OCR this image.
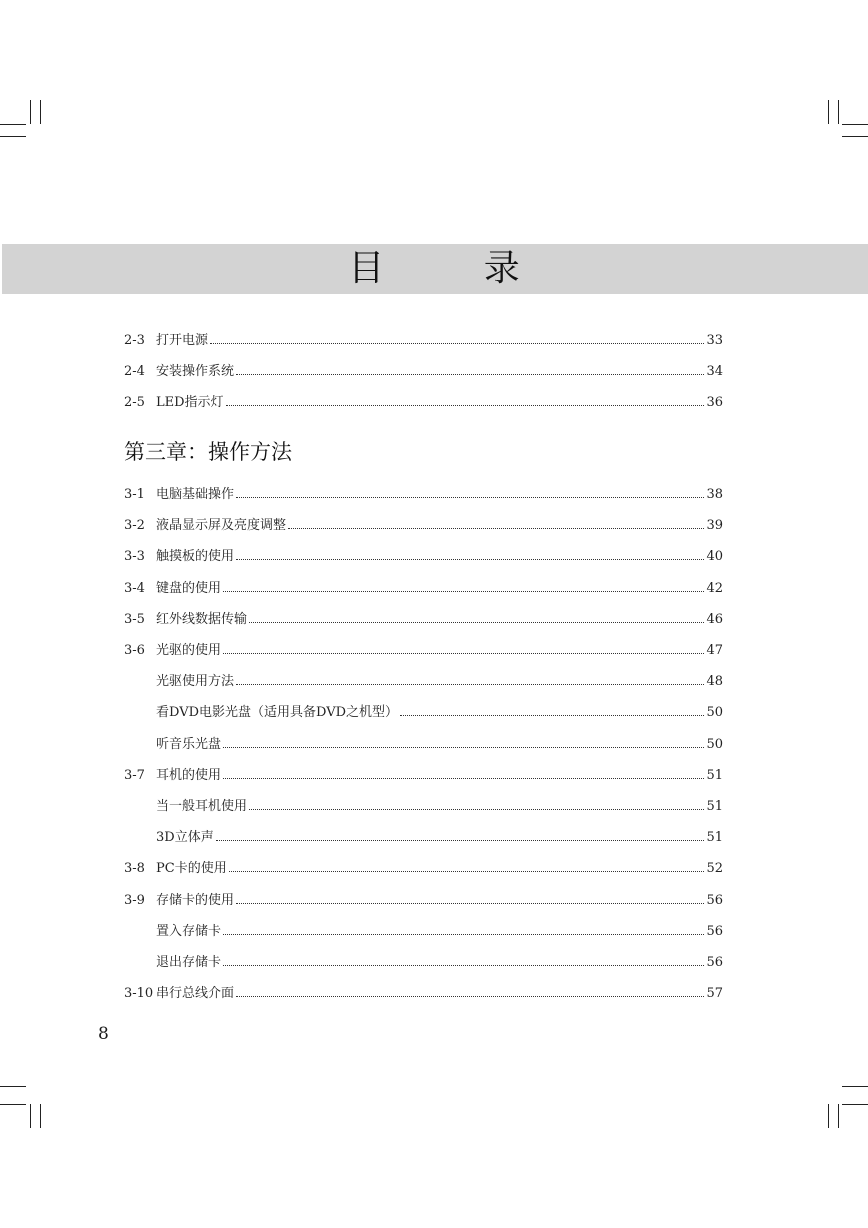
目 录
2-3 打开电源	33
2-4 安装操作系统	34
2-5 LED指示灯	36
第三章：操作方法
3-1 电脑基础操作	38
3-2 液晶显示屏及亮度调整	39
3-3 触摸板的使用	40
3-4 键盘的使用	42
3-5 红外线数据传输	46
3-6 光驱的使用	47
光驱使用方法	48
看DVD电影光盘（适用具备DVD之机型）	50
听音乐光盘	50
3-7 耳机的使用	51
当一般耳机使用	51
3D立体声	51
3-8 PC卡的使用	52
3-9 存储卡的使用	56
置入存储卡	56
退出存储卡	56
3-10 串行总线介面	57
8
